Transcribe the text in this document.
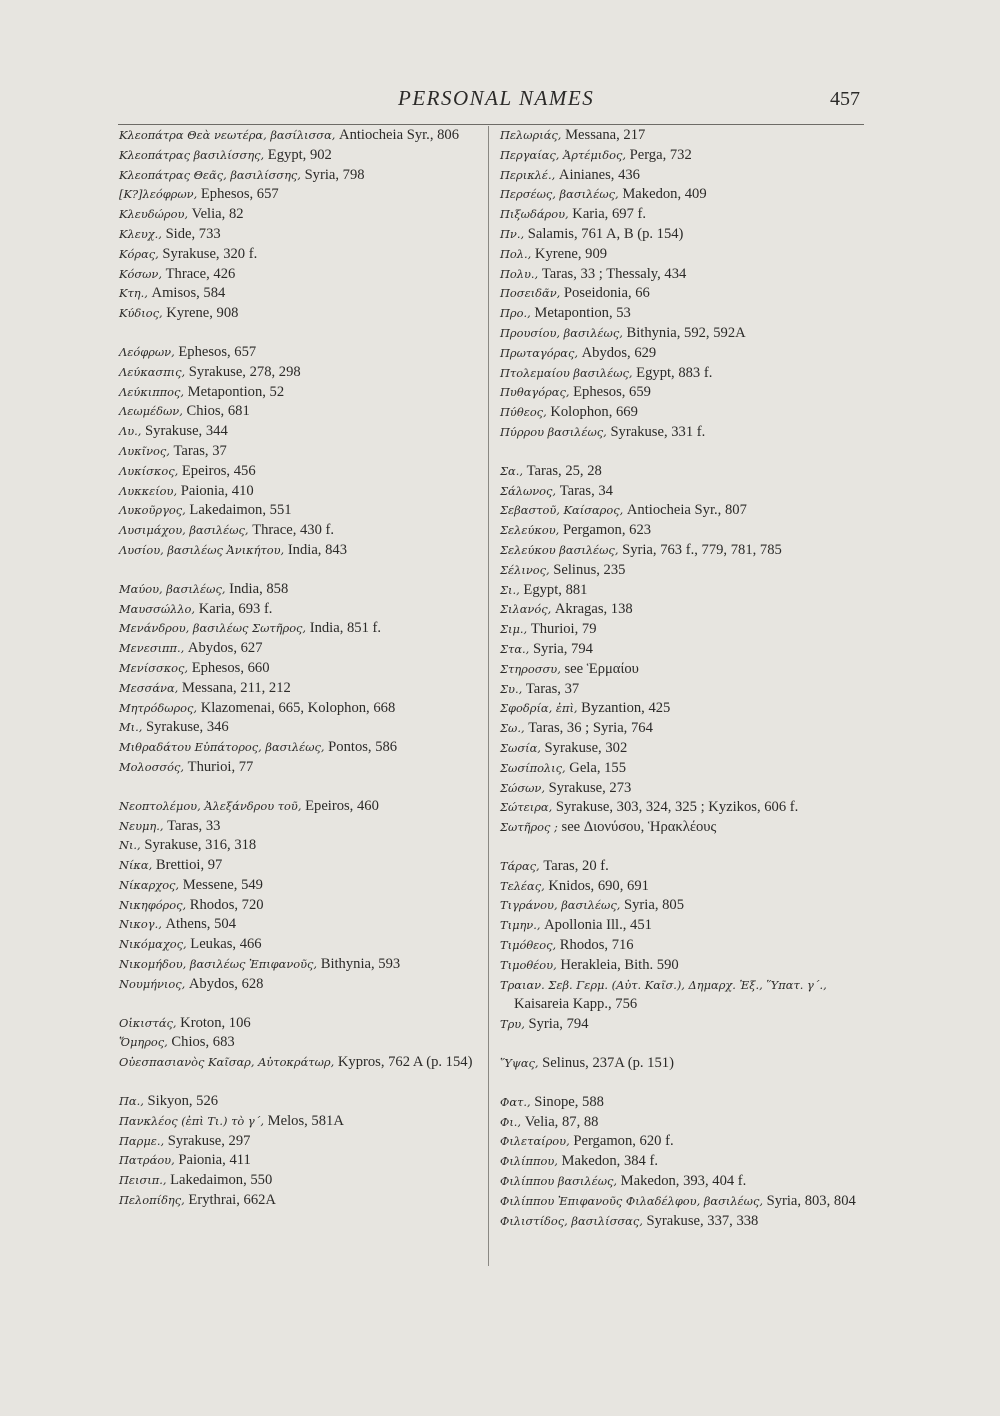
PERSONAL NAMES	457
Κλεοπάτρα Θεὰ νεωτέρα, βασίλισσα, Antiocheia Syr., 806
Κλεοπάτρας βασιλίσσης, Egypt, 902
Κλεοπάτρας Θεᾶς, βασιλίσσης, Syria, 798
[Κ?]λεόφρων, Ephesos, 657
Κλευδώρου, Velia, 82
Κλευχ., Side, 733
Κόρας, Syrakuse, 320 f.
Κόσων, Thrace, 426
Κτη., Amisos, 584
Κύδιος, Kyrene, 908
Λεόφρων, Ephesos, 657
Λεύκασπις, Syrakuse, 278, 298
Λεύκιππος, Metapontion, 52
Λεωμέδων, Chios, 681
Λυ., Syrakuse, 344
Λυκῖνος, Taras, 37
Λυκίσκος, Epeiros, 456
Λυκκείου, Paionia, 410
Λυκοῦργος, Lakedaimon, 551
Λυσιμάχου, βασιλέως, Thrace, 430 f.
Λυσίου, βασιλέως Ἀνικήτου, India, 843
Μαύου, βασιλέως, India, 858
Μαυσσώλλο, Karia, 693 f.
Μενάνδρου, βασιλέως Σωτῆρος, India, 851 f.
Μενεσιππ., Abydos, 627
Μενίσσκος, Ephesos, 660
Μεσσάνα, Messana, 211, 212
Μητρόδωρος, Klazomenai, 665, Kolophon, 668
Μι., Syrakuse, 346
Μιθραδάτου Εὐπάτορος, βασιλέως, Pontos, 586
Μολοσσός, Thurioi, 77
Νεοπτολέμου, Ἀλεξάνδρου τοῦ, Epeiros, 460
Νευμη., Taras, 33
Νι., Syrakuse, 316, 318
Νίκα, Brettioi, 97
Νίκαρχος, Messene, 549
Νικηφόρος, Rhodos, 720
Νικογ., Athens, 504
Νικόμαχος, Leukas, 466
Νικομήδου, βασιλέως Ἐπιφανοῦς, Bithynia, 593
Νουμήνιος, Abydos, 628
Οἰκιστάς, Kroton, 106
Ὅμηρος, Chios, 683
Οὐεσπασιανὸς Καῖσαρ, Αὐτοκράτωρ, Kypros, 762 A (p. 154)
Πα., Sikyon, 526
Πανκλέος (ἐπὶ Τι.) τὸ γ´, Melos, 581A
Παρμε., Syrakuse, 297
Πατράου, Paionia, 411
Πεισιπ., Lakedaimon, 550
Πελοπίδης, Erythrai, 662A
Πελωριάς, Messana, 217
Περγαίας, Ἀρτέμιδος, Perga, 732
Περικλέ., Ainianes, 436
Περσέως, βασιλέως, Makedon, 409
Πιξωδάρου, Karia, 697 f.
Πν., Salamis, 761 A, B (p. 154)
Πολ., Kyrene, 909
Πολυ., Taras, 33 ; Thessaly, 434
Ποσειδᾶν, Poseidonia, 66
Προ., Metapontion, 53
Προυσίου, βασιλέως, Bithynia, 592, 592A
Πρωταγόρας, Abydos, 629
Πτολεμαίου βασιλέως, Egypt, 883 f.
Πυθαγόρας, Ephesos, 659
Πύθεος, Kolophon, 669
Πύρρου βασιλέως, Syrakuse, 331 f.
Σα., Taras, 25, 28
Σάλωνος, Taras, 34
Σεβαστοῦ, Καίσαρος, Antiocheia Syr., 807
Σελεύκου, Pergamon, 623
Σελεύκου βασιλέως, Syria, 763 f., 779, 781, 785
Σέλινος, Selinus, 235
Σι., Egypt, 881
Σιλανός, Akragas, 138
Σιμ., Thurioi, 79
Στα., Syria, 794
Στηροσσυ, see Ἑρμαίου
Συ., Taras, 37
Σφοδρία, ἐπὶ, Byzantion, 425
Σω., Taras, 36 ; Syria, 764
Σωσία, Syrakuse, 302
Σωσίπολις, Gela, 155
Σώσων, Syrakuse, 273
Σώτειρα, Syrakuse, 303, 324, 325 ; Kyzikos, 606 f.
Σωτῆρος ; see Διονύσου, Ἡρακλέους
Τάρας, Taras, 20 f.
Τελέας, Knidos, 690, 691
Τιγράνου, βασιλέως, Syria, 805
Τιμην., Apollonia Ill., 451
Τιμόθεος, Rhodos, 716
Τιμοθέου, Herakleia, Bith. 590
Τραιαν. Σεβ. Γερμ. (Αὐτ. Καῖσ.), Δημαρχ. Ἐξ., Ὕπατ. γ´., Kaisareia Kapp., 756
Τρυ, Syria, 794
Ὕψας, Selinus, 237A (p. 151)
Φατ., Sinope, 588
Φι., Velia, 87, 88
Φιλεταίρου, Pergamon, 620 f.
Φιλίππου, Makedon, 384 f.
Φιλίππου βασιλέως, Makedon, 393, 404 f.
Φιλίππου Ἐπιφανοῦς Φιλαδέλφου, βασιλέως, Syria, 803, 804
Φιλιστίδος, βασιλίσσας, Syrakuse, 337, 338
